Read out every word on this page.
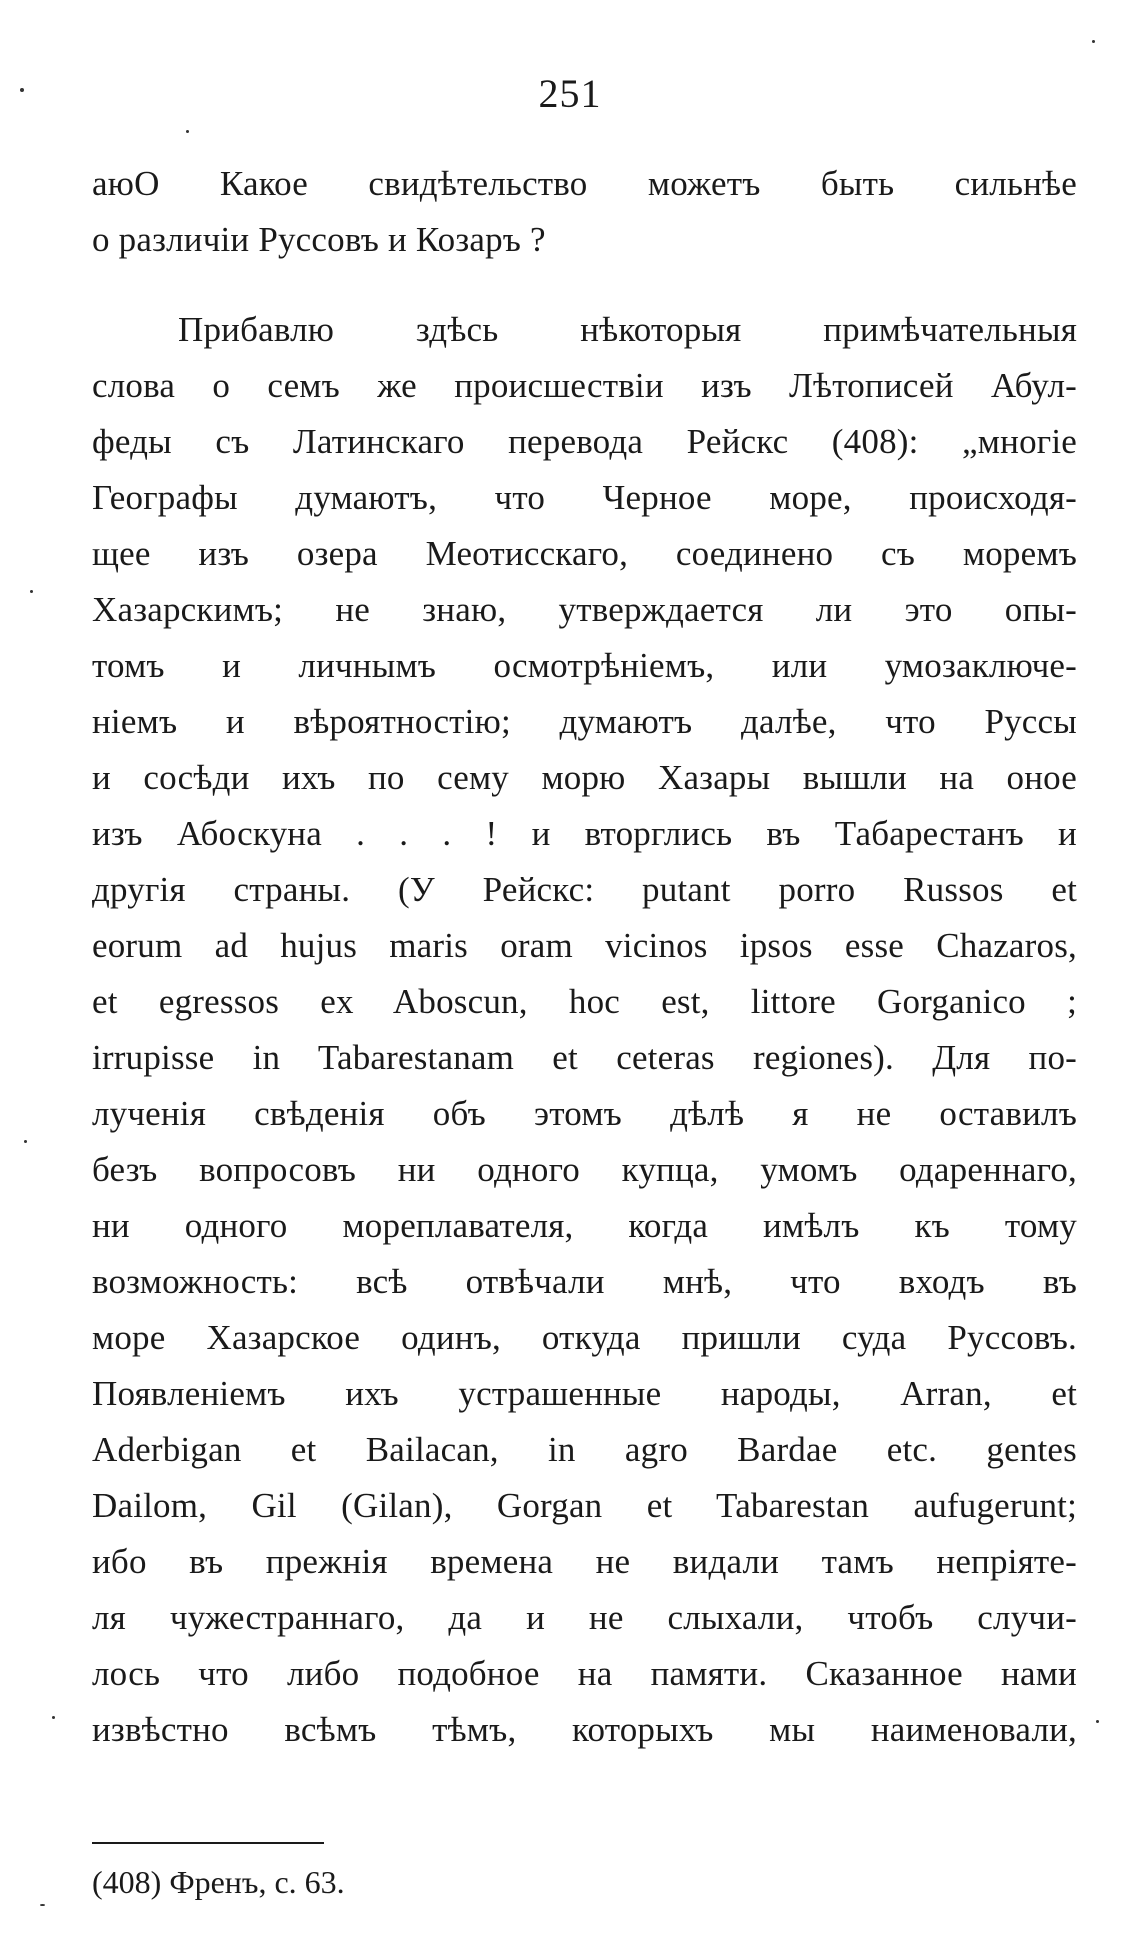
251
аюО Какое свидѣтельство можетъ быть сильнѣе
о различіи Руссовъ и Козаръ ?
Прибавлю здѣсь нѣкоторыя примѣчательныя
слова о семъ же происшествіи изъ Лѣтописей Абул-
феды съ Латинскаго перевода Рейскс (408): „многіе
Географы думаютъ, что Черное море, происходя-
щее изъ озера Меотисскаго, соединено съ моремъ
Хазарскимъ; не знаю, утверждается ли это опы-
томъ и личнымъ осмотрѣніемъ, или умозаключе-
ніемъ и вѣроятностію; думаютъ далѣе, что Руссы
и сосѣди ихъ по сему морю Хазары вышли на оное
изъ Абоскуна . . . ! и вторглись въ Табарестанъ и
другія страны. (У Рейскс: putant porro Russos et
eorum ad hujus maris oram vicinos ipsos esse Chazaros,
et egressos ex Aboscun, hoc est, littore Gorganico ;
irrupisse in Tabarestanam et ceteras regiones). Для по-
лученія свѣденія объ этомъ дѣлѣ я не оставилъ
безъ вопросовъ ни одного купца, умомъ одареннаго,
ни одного мореплавателя, когда имѣлъ къ тому
возможность: всѣ отвѣчали мнѣ, что входъ въ
море Хазарское одинъ, откуда пришли суда Руссовъ.
Появленіемъ ихъ устрашенные народы, Arran, et
Aderbigan et Bailacan, in agro Bardae etc. gentes
Dailom, Gil (Gilan), Gorgan et Tabarestan aufugerunt;
ибо въ прежнія времена не видали тамъ непріяте-
ля чужестраннаго, да и не слыхали, чтобъ случи-
лось что либо подобное на памяти. Сказанное нами
извѣстно всѣмъ тѣмъ, которыхъ мы наименовали,
(408) Френъ, с. 63.
